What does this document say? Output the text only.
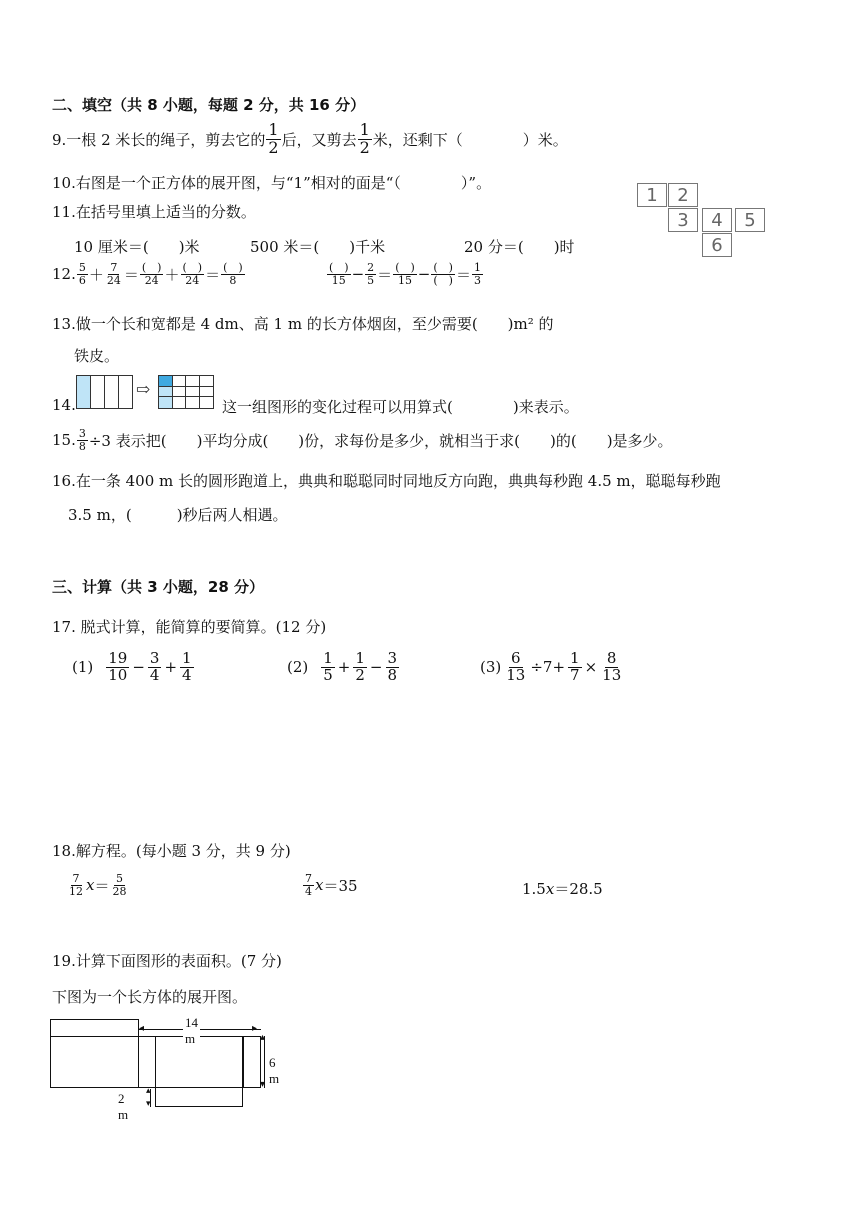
二、填空（共 8 小题，每题 2 分，共 16 分）
9.一根 2 米长的绳子，剪去它的 $\frac{1}{2}$ 后，又剪去 $\frac{1}{2}$ 米，还剩下（　　　　）米。
10.右图是一个正方体的展开图，与“1”相对的面是“（　　　　）”。
1	2
3	4	5
6
11.在括号里填上适当的分数。
10 厘米＝(　　)米	500 米＝(　　)千米	20 分＝(　　)时
12. $\frac{5}{6} + \frac{7}{24} = \frac{( )}{24} + \frac{( )}{24} = \frac{( )}{8}$	$\frac{( )}{15} - \frac{2}{5} = \frac{( )}{15} - \frac{( )}{( )} = \frac{1}{3}$
13.做一个长和宽都是 4 dm、高 1 m 的长方体烟囱，至少需要(　　)m² 的
铁皮。
14.
⇨
这一组图形的变化过程可以用算式(　　　　)来表示。
15. $\frac{3}{8} \div 3$ 表示把(　　)平均分成(　　)份，求每份是多少，就相当于求(　　)的(　　)是多少。
16.在一条 400 m 长的圆形跑道上，典典和聪聪同时同地反方向跑，典典每秒跑 4.5 m，聪聪每秒跑
3.5 m，(　　　)秒后两人相遇。
三、计算（共 3 小题，28 分）
17. 脱式计算，能简算的要简算。(12 分)
$(1) \frac{19}{10} - \frac{3}{4} + \frac{1}{4}$	$(2) \frac{1}{5} + \frac{1}{2} - \frac{3}{8}$	$(3) \frac{6}{13} \div 7+ \frac{1}{7} \times \frac{8}{13}$
18.解方程。(每小题 3 分，共 9 分)
$\frac{7}{12}$ $x = \frac{5}{28}$	$\frac{7}{4}$ x ＝35	1.5x＝28.5
19.计算下面图形的表面积。(7 分)
下图为一个长方体的展开图。
◂	▸
14 m	▴
▾
6 m
▴
▾
2 m
